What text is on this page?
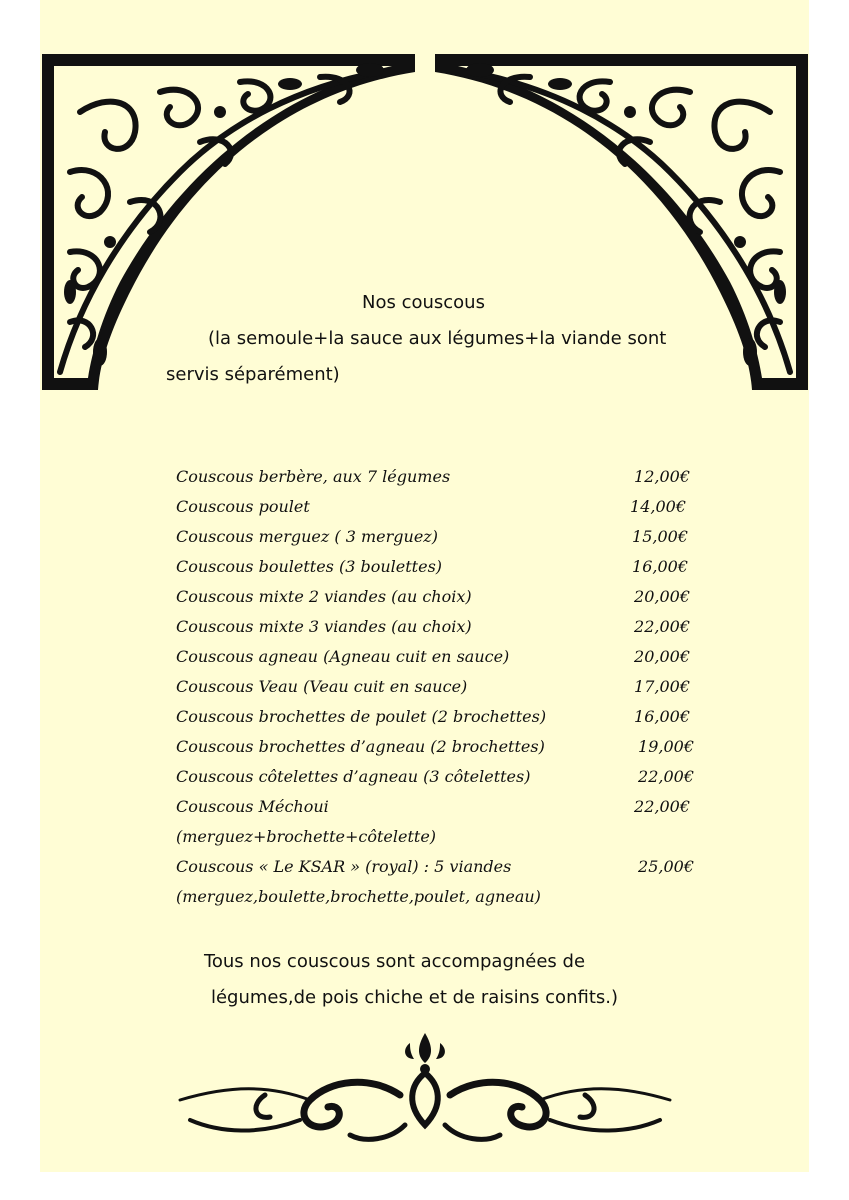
Nos couscous
(la semoule+la sauce aux légumes+la viande sont
servis séparément)
Couscous berbère, aux 7 légumes	12,00€
Couscous poulet	14,00€
Couscous merguez ( 3 merguez)	15,00€
Couscous boulettes (3 boulettes)	16,00€
Couscous mixte 2 viandes (au choix)	20,00€
Couscous mixte 3 viandes (au choix)	22,00€
Couscous agneau (Agneau cuit en sauce)	20,00€
Couscous Veau (Veau cuit en sauce)	17,00€
Couscous brochettes de poulet (2 brochettes)	16,00€
Couscous brochettes d’agneau (2 brochettes)	19,00€
Couscous côtelettes d’agneau (3 côtelettes)	22,00€
Couscous Méchoui	22,00€
(merguez+brochette+côtelette)
Couscous « Le KSAR » (royal) : 5 viandes	25,00€
(merguez,boulette,brochette,poulet, agneau)
Tous nos couscous sont accompagnées de
légumes,de pois chiche et de raisins confits.)
